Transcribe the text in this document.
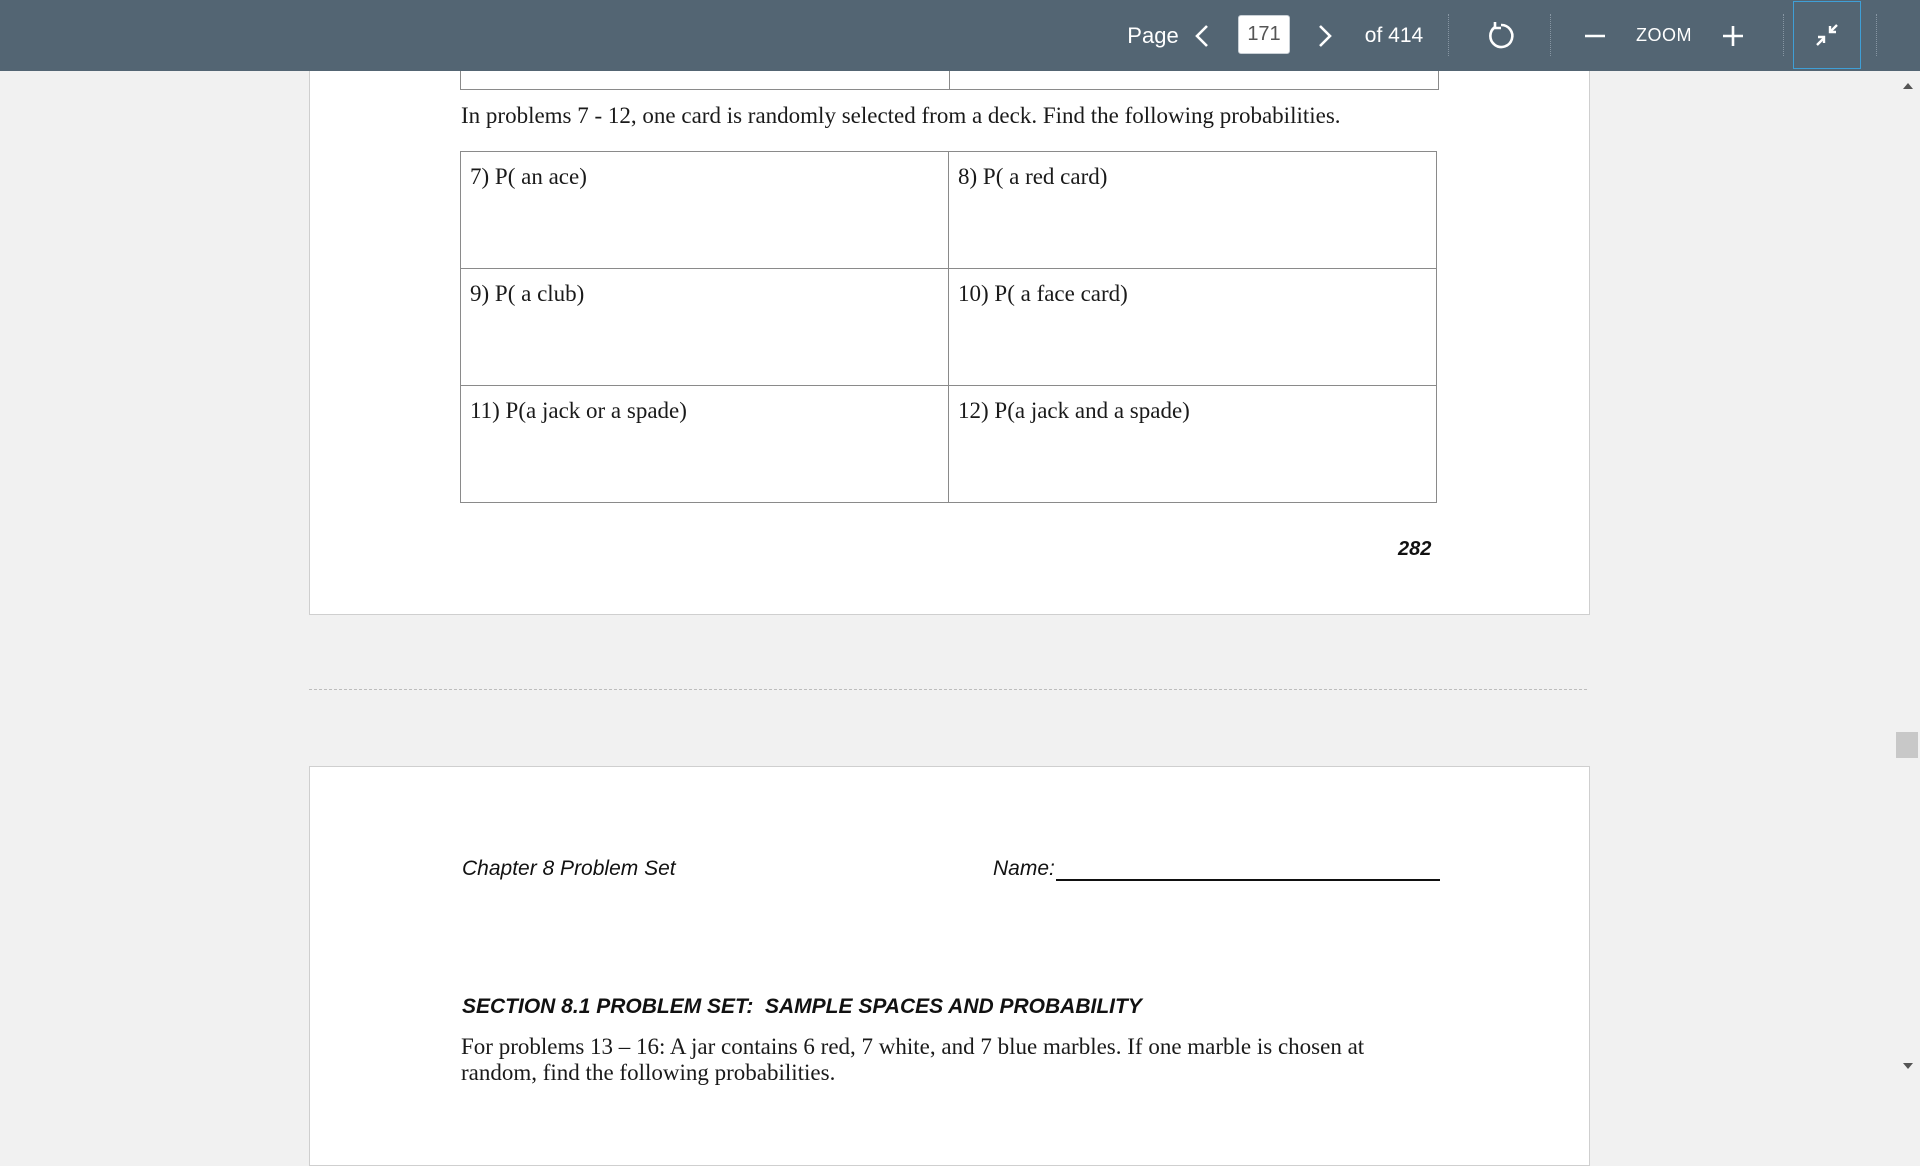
Page
171	of 414	ZOOM
In problems 7 - 12, one card is randomly selected from a deck. Find the following probabilities.
7) P( an ace)	8) P( a red card)
9) P( a club)	10) P( a face card)
11) P(a jack or a spade)	12) P(a jack and a spade)
282
Chapter 8 Problem Set	Name:
SECTION 8.1 PROBLEM SET:  SAMPLE SPACES AND PROBABILITY
For problems 13 – 16: A jar contains 6 red, 7 white, and 7 blue marbles. If one marble is chosen at
random, find the following probabilities.
